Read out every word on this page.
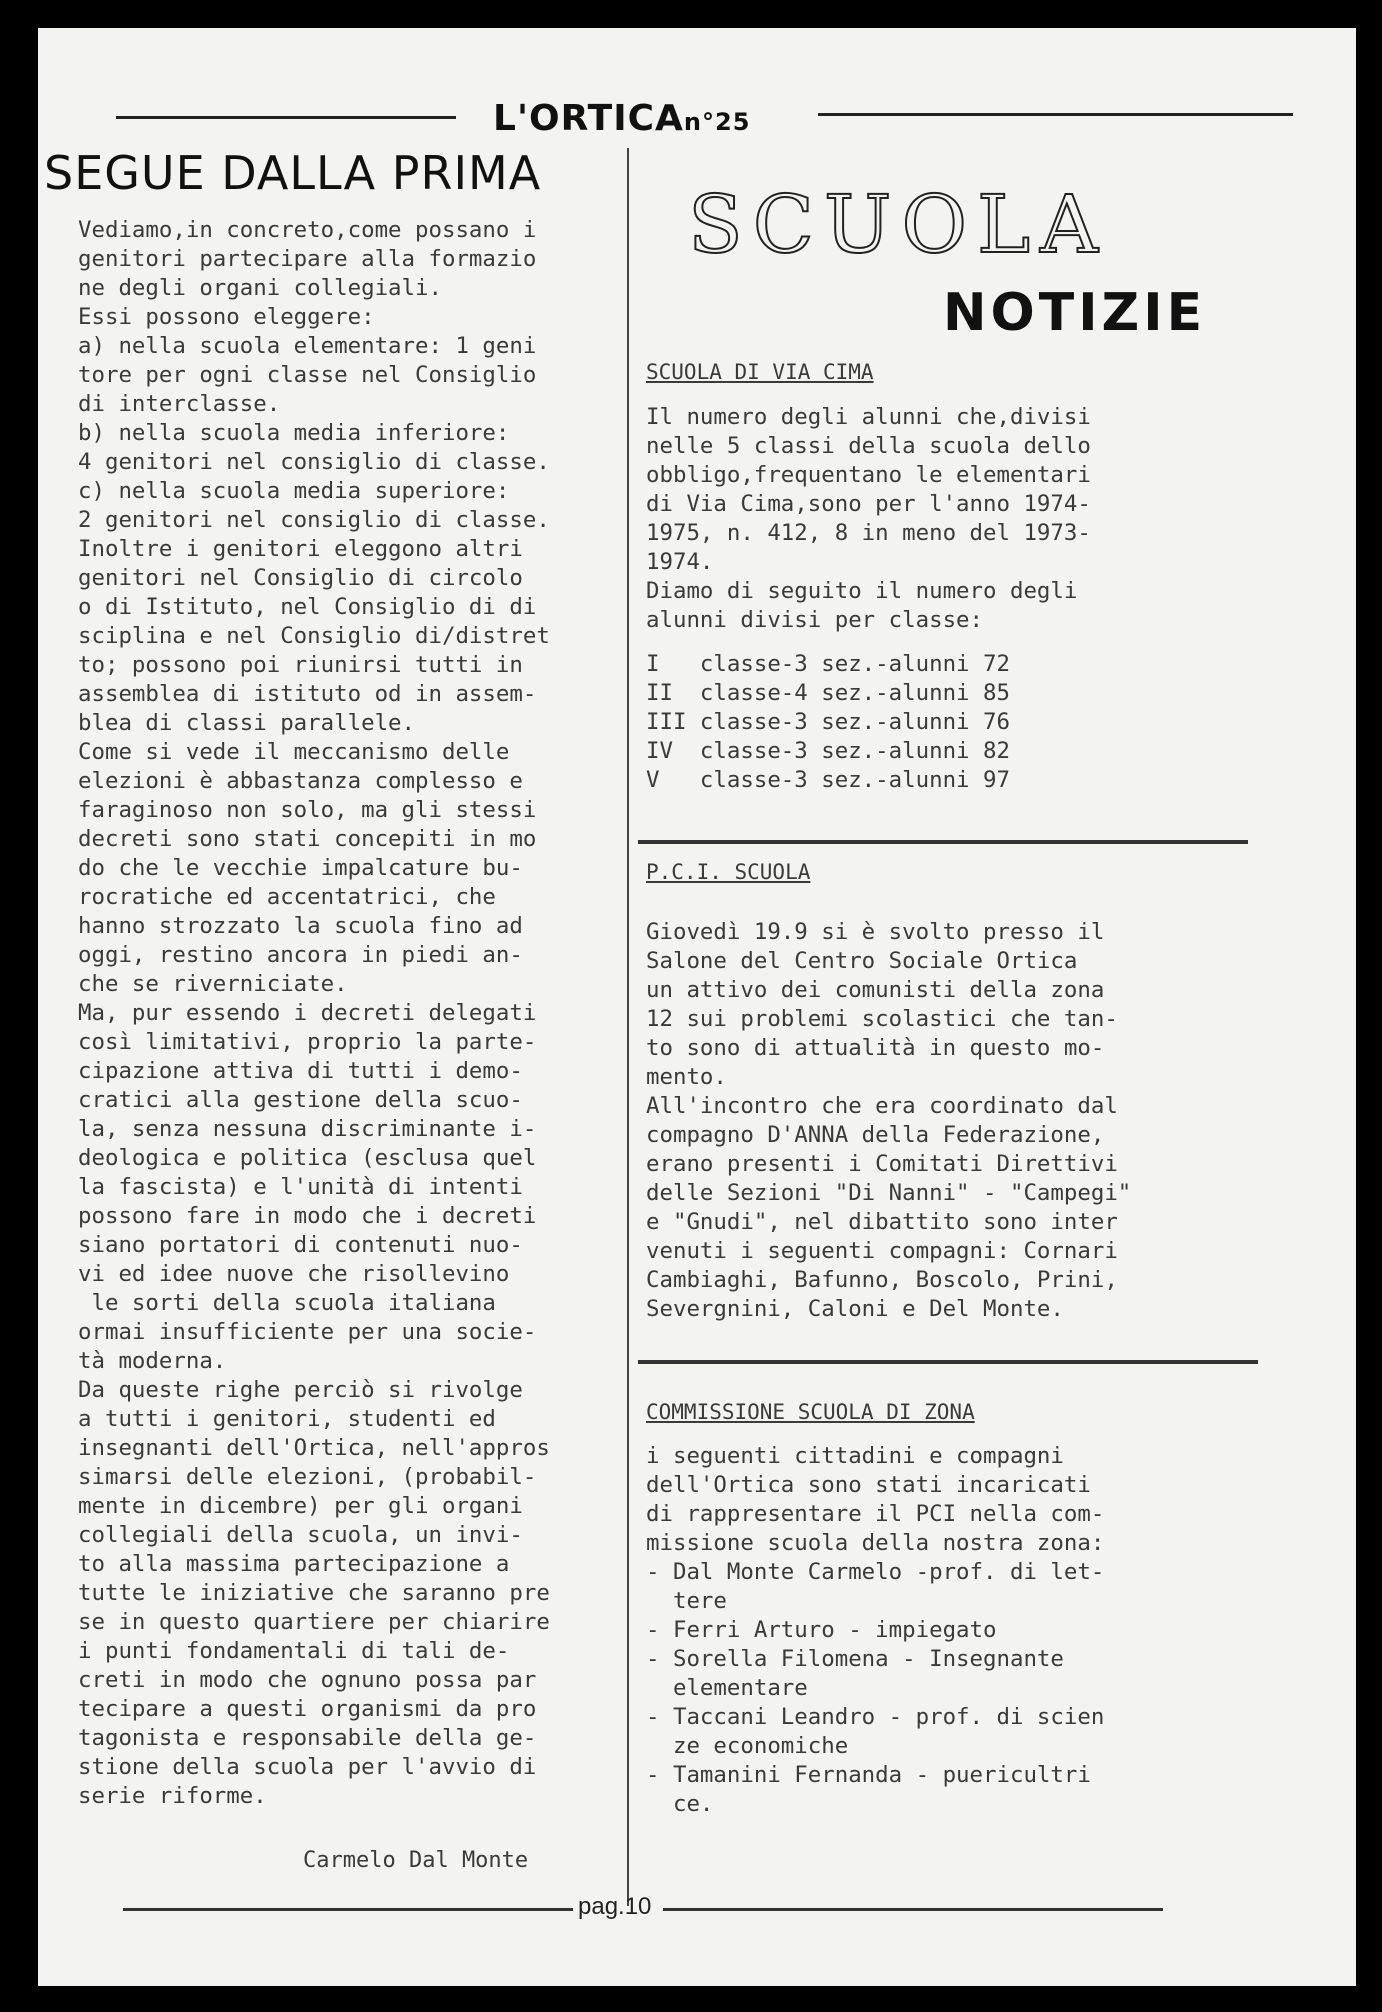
L'ORTICAn°25
SEGUE DALLA PRIMA

Vediamo,in concreto,come possano i

genitori partecipare alla formazio

ne degli organi collegiali.

Essi possono eleggere:

a) nella scuola elementare: 1 geni

tore per ogni classe nel Consiglio

di interclasse.

b) nella scuola media inferiore:

4 genitori nel consiglio di classe.

c) nella scuola media superiore:

2 genitori nel consiglio di classe.

Inoltre i genitori eleggono altri

genitori nel Consiglio di circolo

o di Istituto, nel Consiglio di di

sciplina e nel Consiglio di/distret

to; possono poi riunirsi tutti in

assemblea di istituto od in assem-

blea di classi parallele.

Come si vede il meccanismo delle

elezioni è abbastanza complesso e

faraginoso non solo, ma gli stessi

decreti sono stati concepiti in mo

do che le vecchie impalcature bu-

rocratiche ed accentatrici, che

hanno strozzato la scuola fino ad

oggi, restino ancora in piedi an-

che se riverniciate.

Ma, pur essendo i decreti delegati

così limitativi, proprio la parte-

cipazione attiva di tutti i demo-

cratici alla gestione della scuo-

la, senza nessuna discriminante i-

deologica e politica (esclusa quel

la fascista) e l'unità di intenti

possono fare in modo che i decreti

siano portatori di contenuti nuo-

vi ed idee nuove che risollevino

le sorti della scuola italiana

ormai insufficiente per una socie-

tà moderna.

Da queste righe perciò si rivolge

a tutti i genitori, studenti ed

insegnanti dell'Ortica, nell'appros

simarsi delle elezioni, (probabil-

mente in dicembre) per gli organi

collegiali della scuola, un invi-

to alla massima partecipazione a

tutte le iniziative che saranno pre

se in questo quartiere per chiarire

i punti fondamentali di tali de-

creti in modo che ognuno possa par

tecipare a questi organismi da pro

tagonista e responsabile della ge-

stione della scuola per l'avvio di

serie riforme.

Carmelo Dal Monte
SCUOLA
NOTIZIE
SCUOLA DI VIA CIMA

Il numero degli alunni che,divisi

nelle 5 classi della scuola dello

obbligo,frequentano le elementari

di Via Cima,sono per l'anno 1974-

1975, n. 412, 8 in meno del 1973-

1974.

Diamo di seguito il numero degli

alunni divisi per classe:

I   classe-3 sez.-alunni 72

II  classe-4 sez.-alunni 85

III classe-3 sez.-alunni 76

IV  classe-3 sez.-alunni 82

V   classe-3 sez.-alunni 97

P.C.I. SCUOLA

Giovedì 19.9 si è svolto presso il

Salone del Centro Sociale Ortica

un attivo dei comunisti della zona

12 sui problemi scolastici che tan-

to sono di attualità in questo mo-

mento.

All'incontro che era coordinato dal

compagno D'ANNA della Federazione,

erano presenti i Comitati Direttivi

delle Sezioni "Di Nanni" - "Campegi"

e "Gnudi", nel dibattito sono inter

venuti i seguenti compagni: Cornari

Cambiaghi, Bafunno, Boscolo, Prini,

Severgnini, Caloni e Del Monte.

COMMISSIONE SCUOLA DI ZONA

i seguenti cittadini e compagni

dell'Ortica sono stati incaricati

di rappresentare il PCI nella com-

missione scuola della nostra zona:

- Dal Monte Carmelo -prof. di let-

tere

- Ferri Arturo - impiegato

- Sorella Filomena - Insegnante

elementare

- Taccani Leandro - prof. di scien

ze economiche

- Tamanini Fernanda - puericultri

ce.

pag.10
